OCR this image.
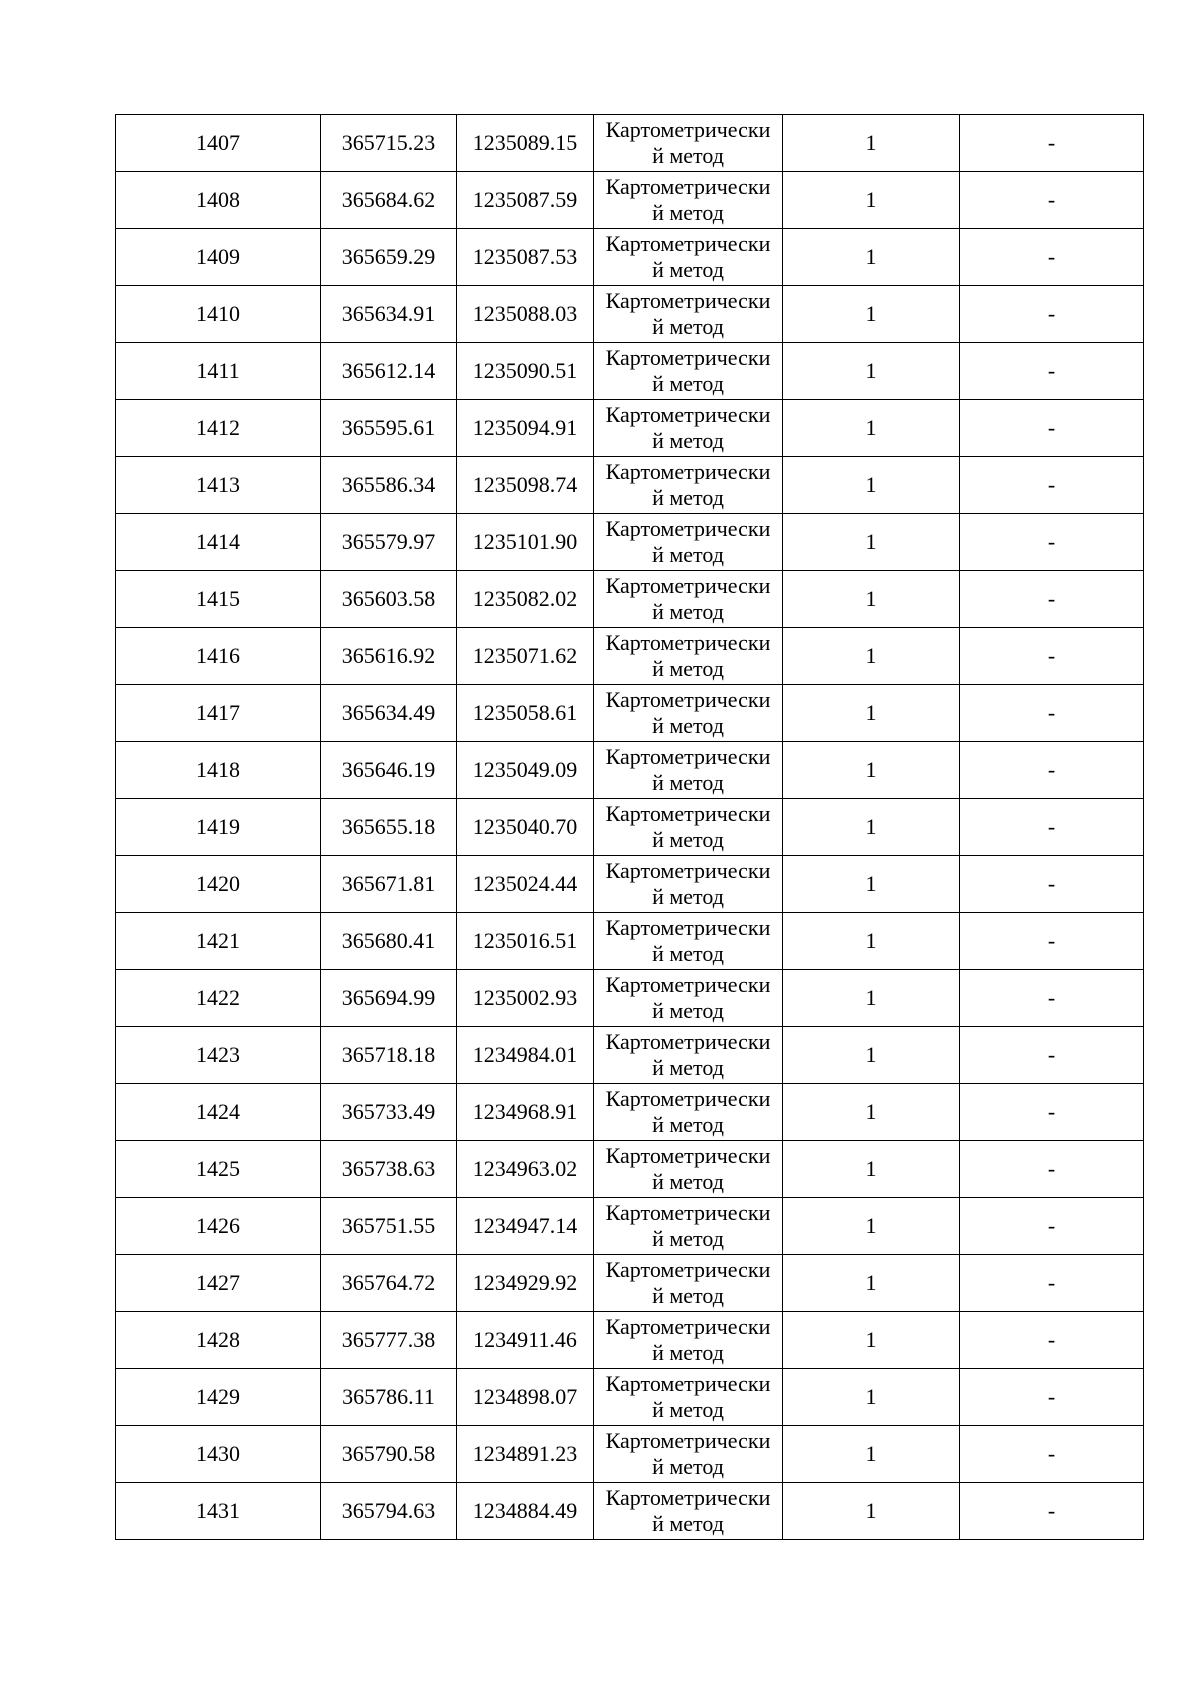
1407	365715.23	1235089.15	Картометрически
й метод	1	-
1408	365684.62	1235087.59	Картометрически
й метод	1	-
1409	365659.29	1235087.53	Картометрически
й метод	1	-
1410	365634.91	1235088.03	Картометрически
й метод	1	-
1411	365612.14	1235090.51	Картометрически
й метод	1	-
1412	365595.61	1235094.91	Картометрически
й метод	1	-
1413	365586.34	1235098.74	Картометрически
й метод	1	-
1414	365579.97	1235101.90	Картометрически
й метод	1	-
1415	365603.58	1235082.02	Картометрически
й метод	1	-
1416	365616.92	1235071.62	Картометрически
й метод	1	-
1417	365634.49	1235058.61	Картометрически
й метод	1	-
1418	365646.19	1235049.09	Картометрически
й метод	1	-
1419	365655.18	1235040.70	Картометрически
й метод	1	-
1420	365671.81	1235024.44	Картометрически
й метод	1	-
1421	365680.41	1235016.51	Картометрически
й метод	1	-
1422	365694.99	1235002.93	Картометрически
й метод	1	-
1423	365718.18	1234984.01	Картометрически
й метод	1	-
1424	365733.49	1234968.91	Картометрически
й метод	1	-
1425	365738.63	1234963.02	Картометрически
й метод	1	-
1426	365751.55	1234947.14	Картометрически
й метод	1	-
1427	365764.72	1234929.92	Картометрически
й метод	1	-
1428	365777.38	1234911.46	Картометрически
й метод	1	-
1429	365786.11	1234898.07	Картометрически
й метод	1	-
1430	365790.58	1234891.23	Картометрически
й метод	1	-
1431	365794.63	1234884.49	Картометрически
й метод	1	-
